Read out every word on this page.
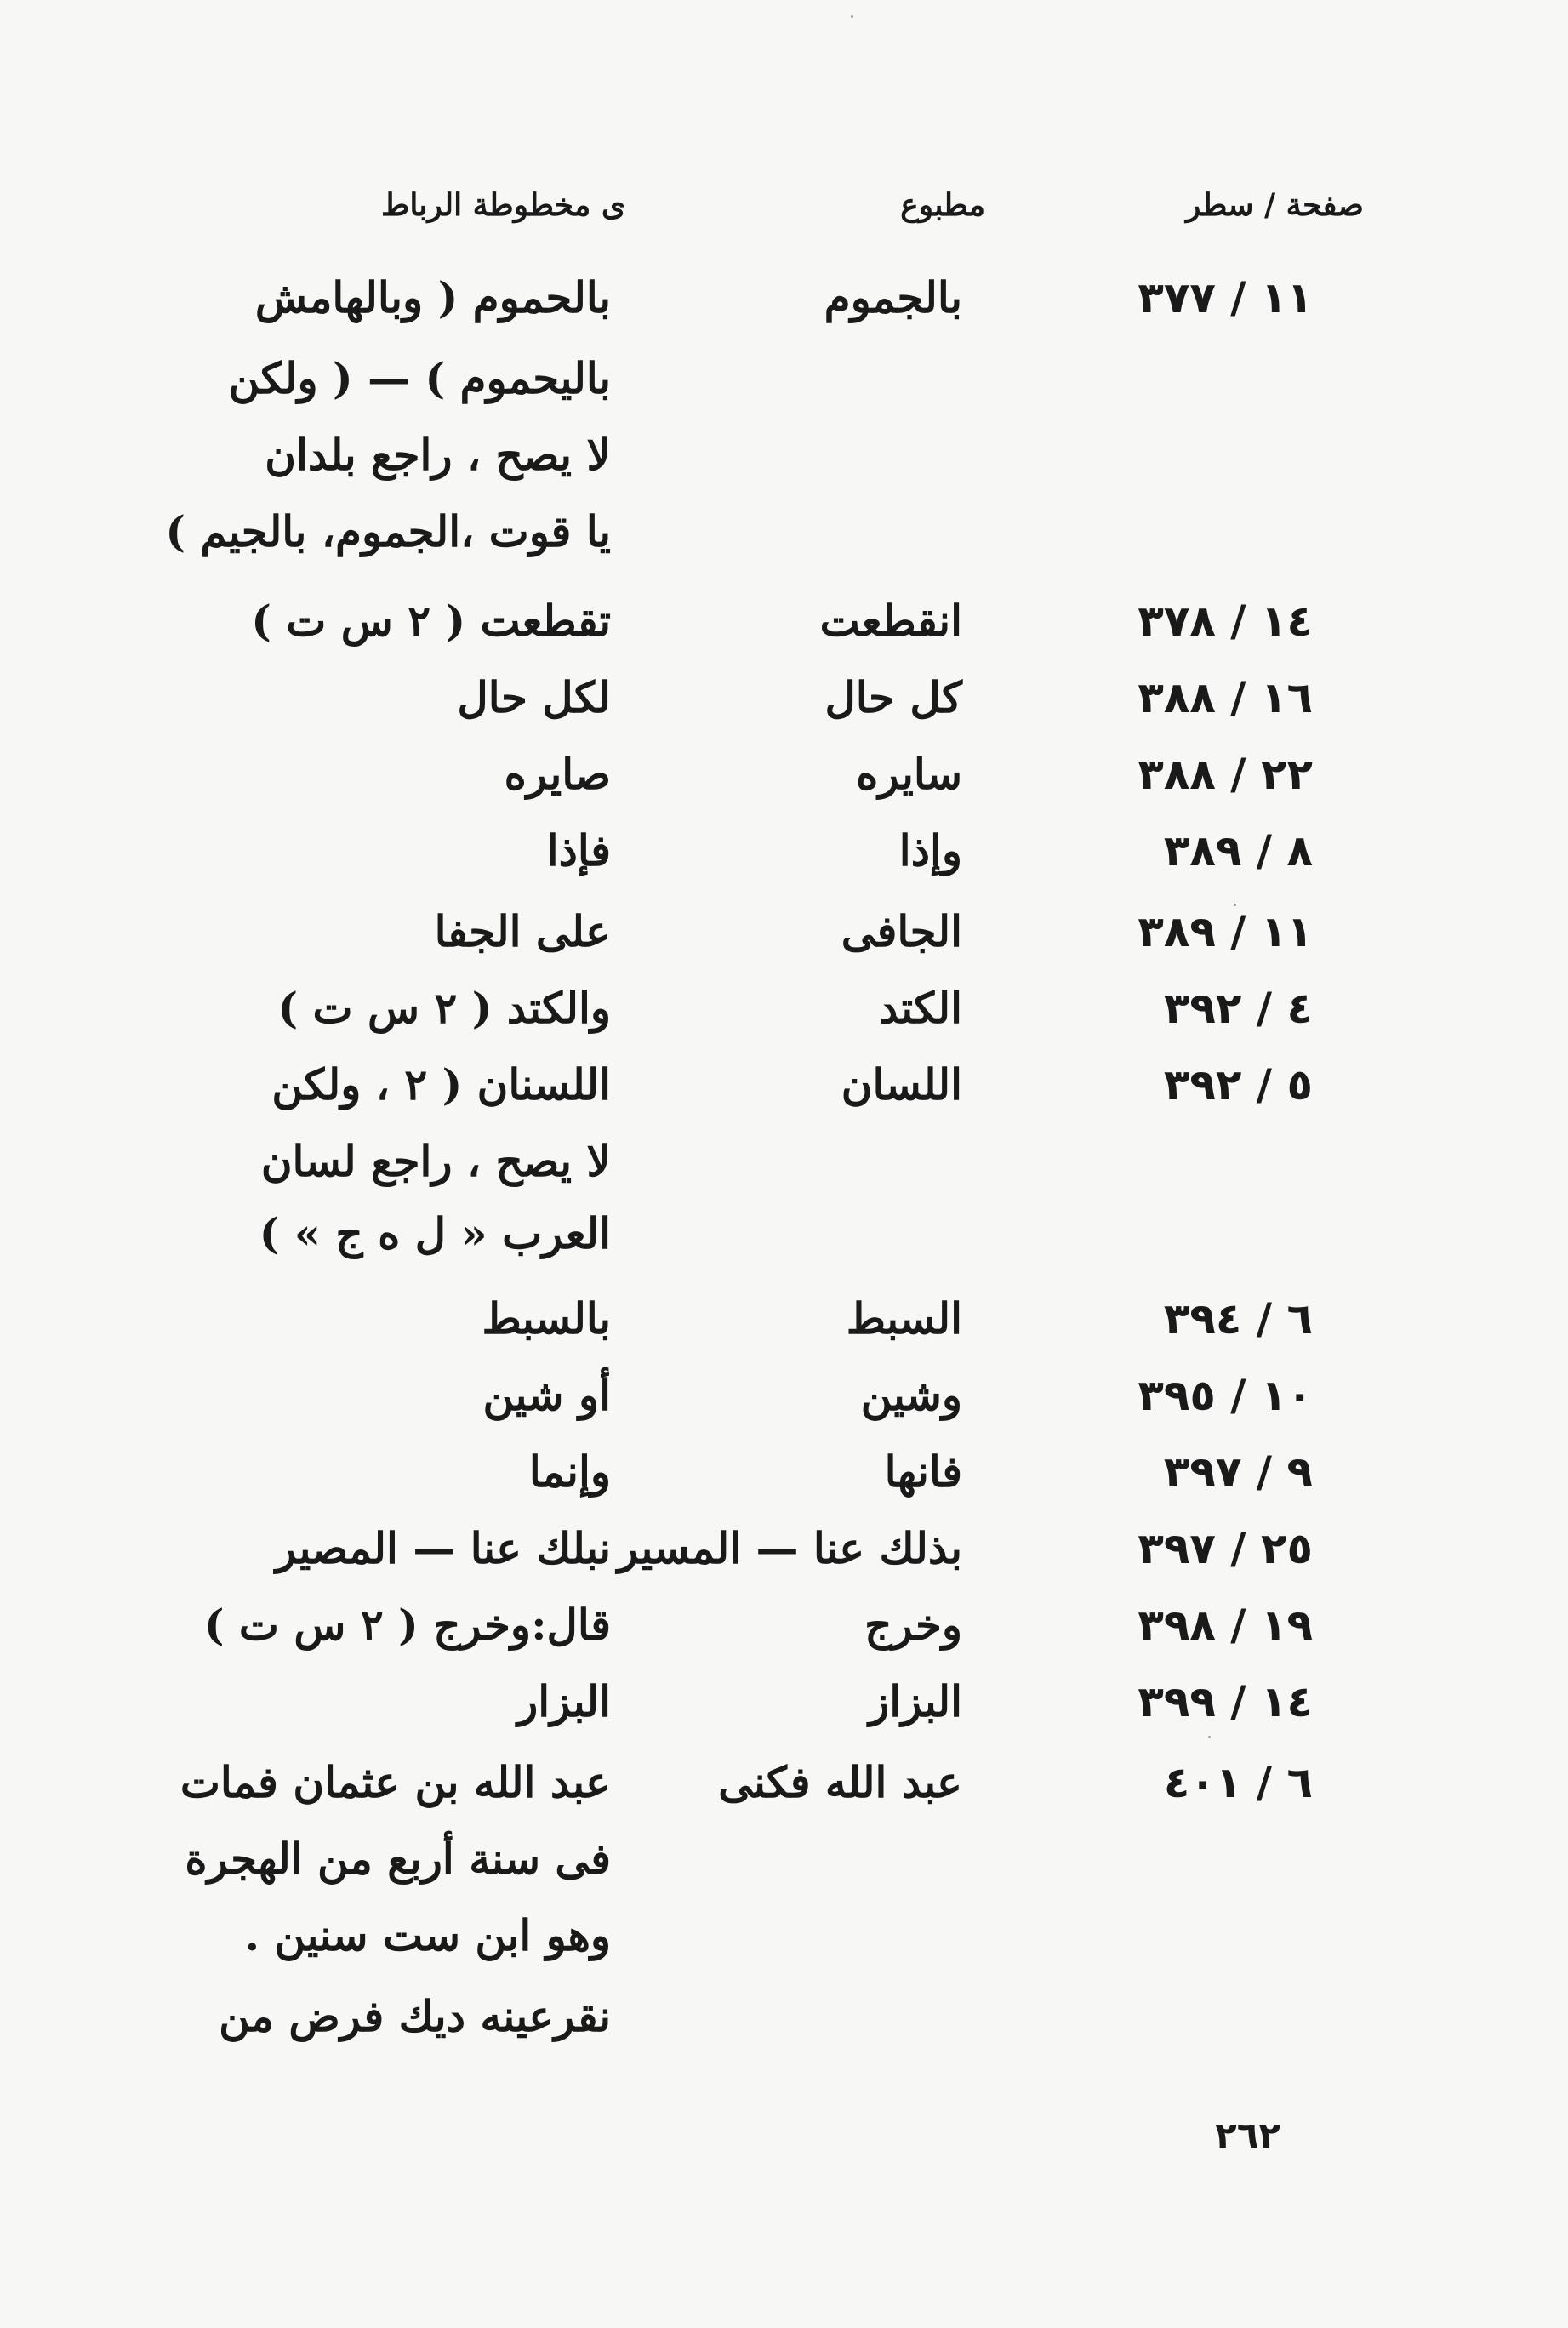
صفحة / سطر
مطبوع
ى مخطوطة الرباط
١١ / ٣٧٧
بالجموم
بالحموم ( وبالهامش
باليحموم ) — ( ولكن
لا يصح ، راجع بلدان
يا قوت ،الجموم، بالجيم )
١٤ / ٣٧٨
انقطعت
تقطعت ( ٢ س ت )
١٦ / ٣٨٨
كل حال
لكل حال
٢٢ / ٣٨٨
سايره
صايره
٨ / ٣٨٩
وإذا
فإذا
١١ / ٣٨٩
الجافى
على الجفا
٤ / ٣٩٢
الكتد
والكتد ( ٢ س ت )
٥ / ٣٩٢
اللسان
اللسنان ( ٢ ، ولكن
لا يصح ، راجع لسان
العرب « ل ه ج » )
٦ / ٣٩٤
السبط
بالسبط
١٠ / ٣٩٥
وشين
أو شين
٩ / ٣٩٧
فانها
وإنما
٢٥ / ٣٩٧
بذلك عنا — المسير
نبلك عنا — المصير
١٩ / ٣٩٨
وخرج
قال:وخرج ( ٢ س ت )
١٤ / ٣٩٩
البزاز
البزار
٦ / ٤٠١
عبد الله فكنى
عبد الله بن عثمان فمات
فى سنة أربع من الهجرة
وهو ابن ست سنين .
نقرعينه ديك فرض من
٢٦٢
